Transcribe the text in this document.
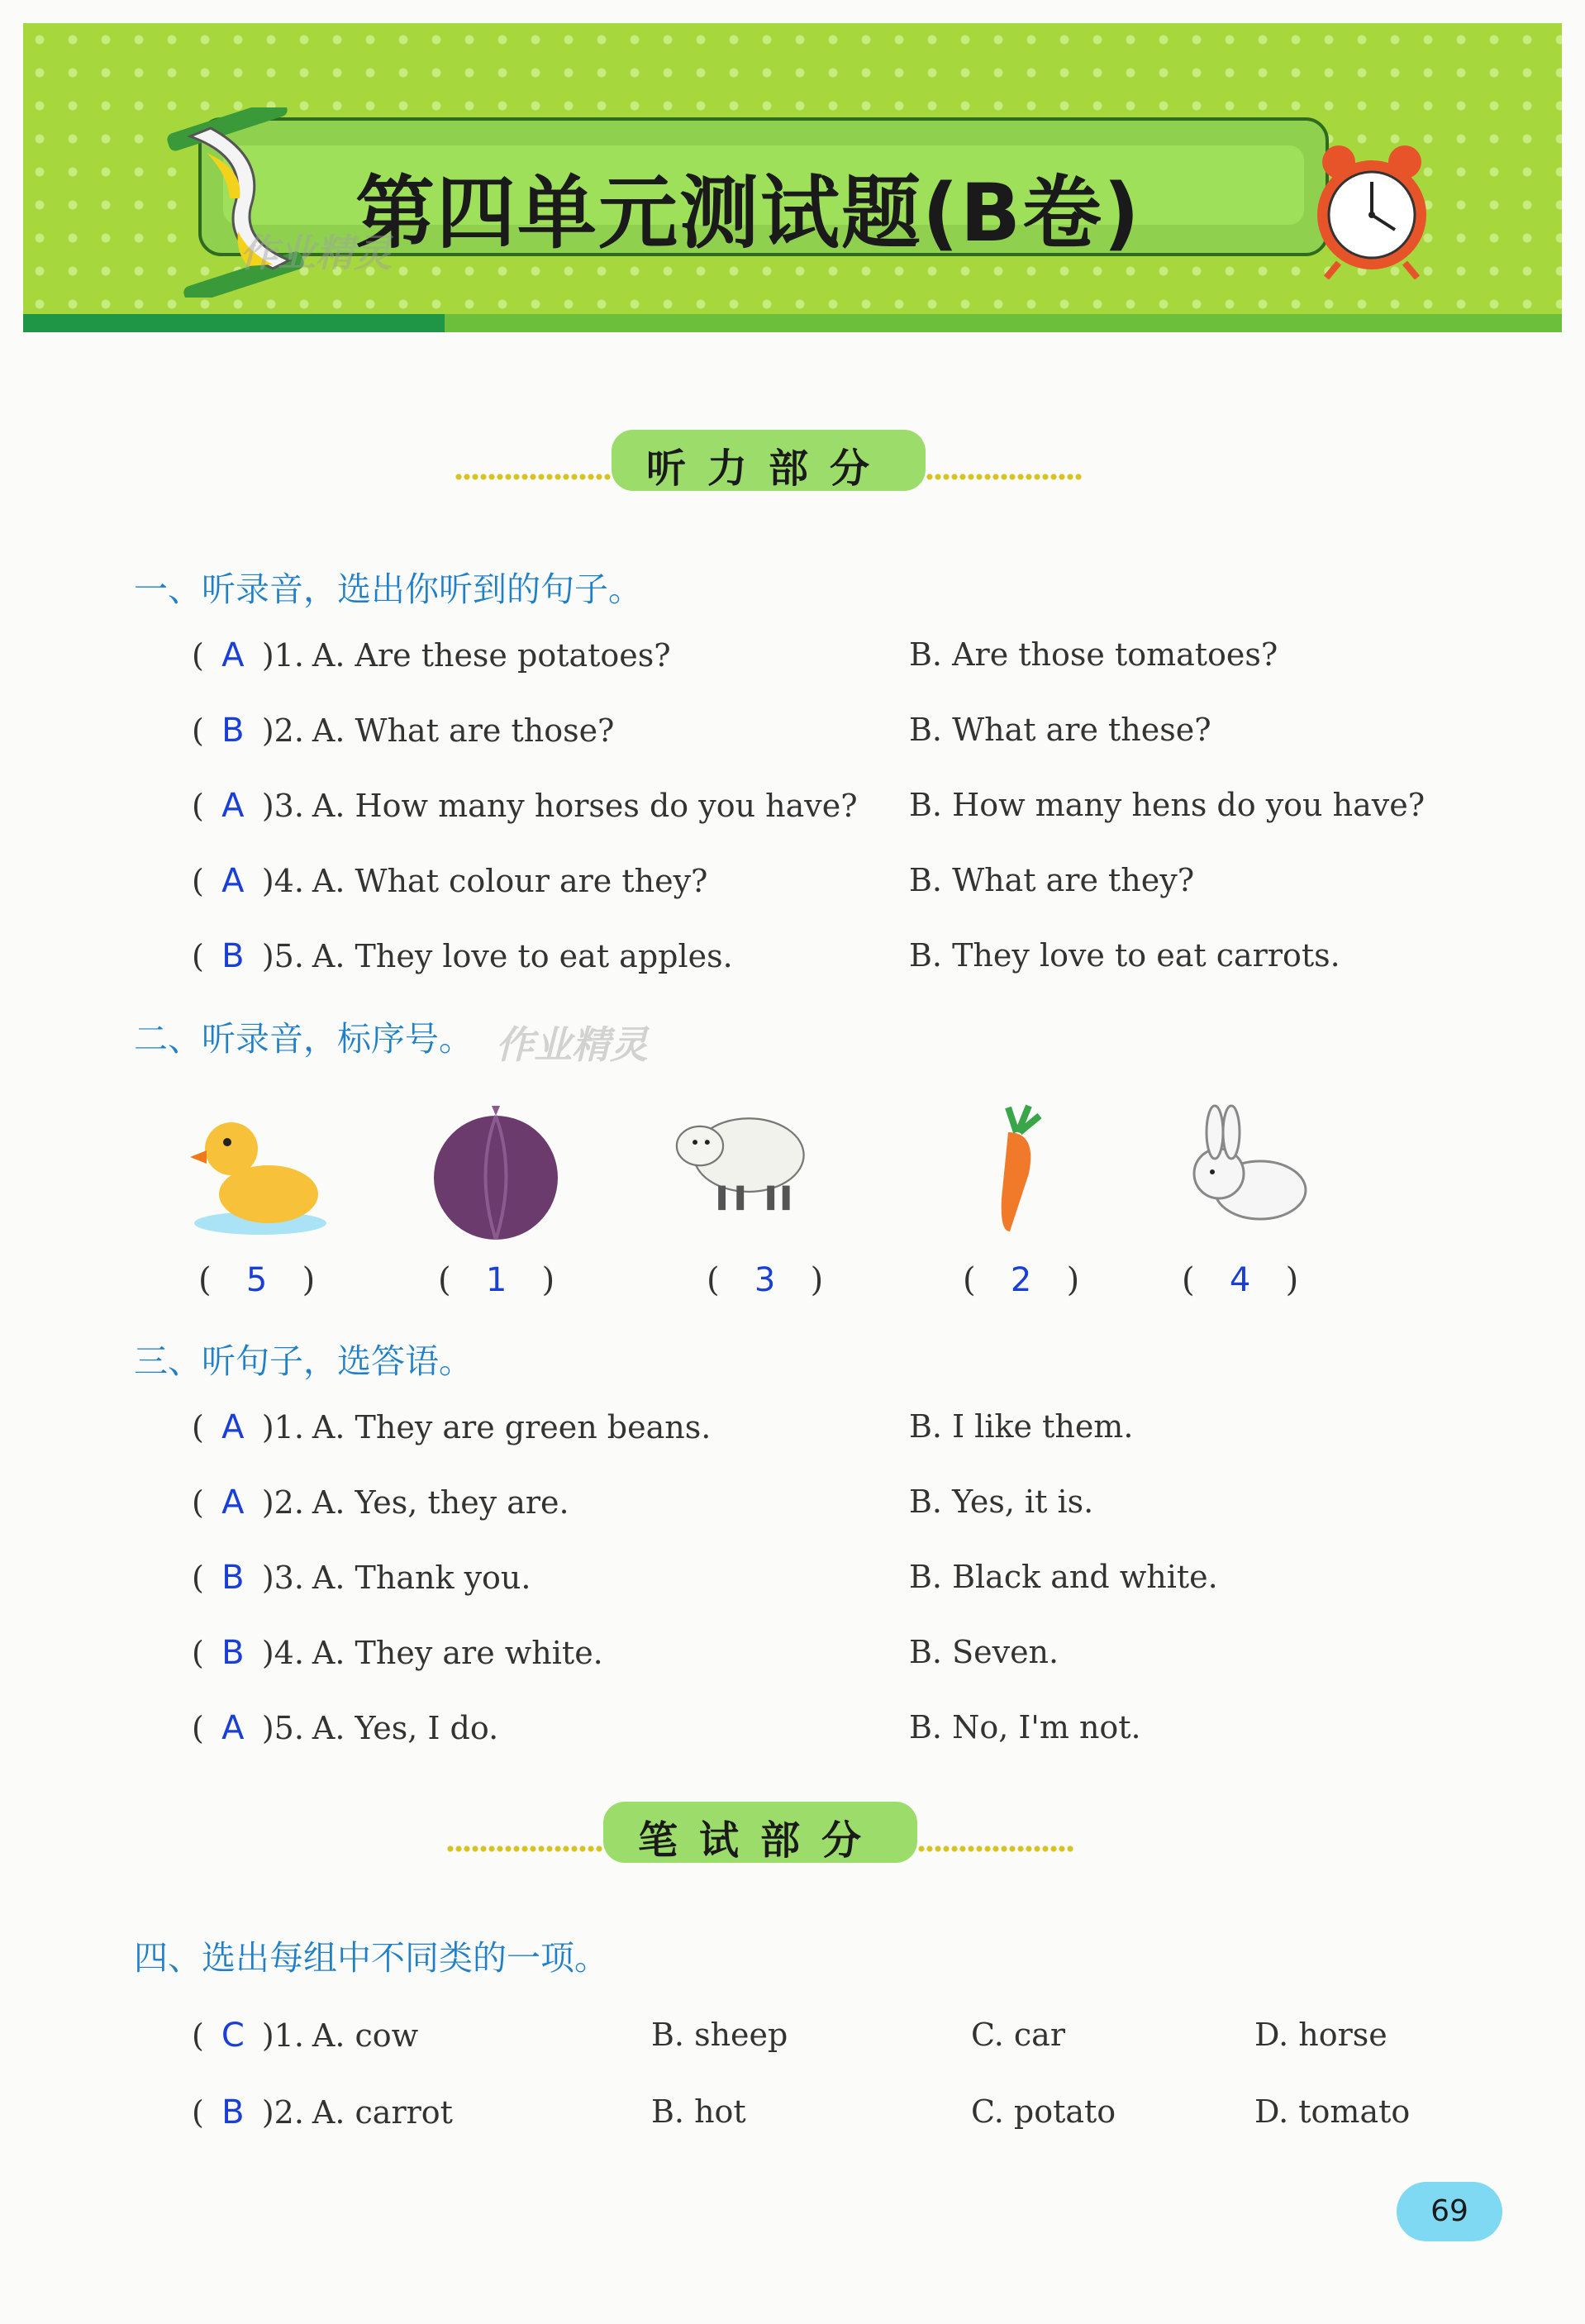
第四单元测试题(B卷)
作业精灵
听力部分
一、听录音，选出你听到的句子。
( A )1. A. Are these potatoes?	B. Are those tomatoes?
( B )2. A. What are those?	B. What are these?
( A )3. A. How many horses do you have? B. How many hens do you have?
( A )4. A. What colour are they?	B. What are they?
( B )5. A. They love to eat apples.	B. They love to eat carrots.
二、听录音，标序号。 作业精灵
( 5 )	( 1 )	( 3 )	( 2 )	( 4 )
三、听句子，选答语。
( A )1. A. They are green beans.	B. I like them.
( A )2. A. Yes, they are.	B. Yes, it is.
( B )3. A. Thank you.	B. Black and white.
( B )4. A. They are white.	B. Seven.
( A )5. A. Yes, I do.	B. No, I'm not.
笔试部分
四、选出每组中不同类的一项。
( C )1. A. cow	B. sheep	C. car	D. horse
( B )2. A. carrot	B. hot	C. potato	D. tomato
69
